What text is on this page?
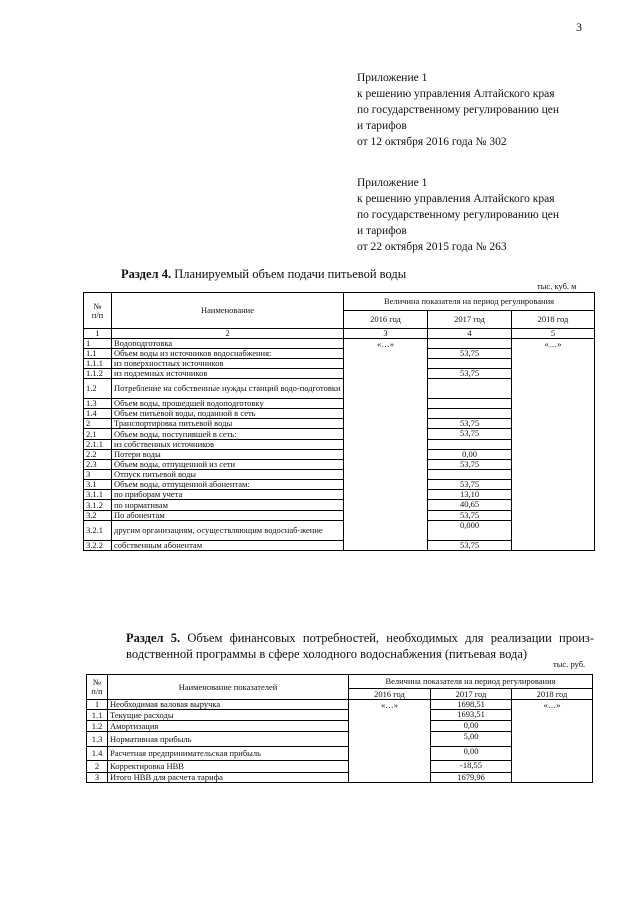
3
Приложение 1
к решению управления Алтайского края
по государственному регулированию цен
и тарифов
от 12 октября 2016 года № 302
Приложение 1
к решению управления Алтайского края
по государственному регулированию цен
и тарифов
от 22 октября 2015 года № 263
Раздел 4. Планируемый объем подачи питьевой воды
тыс. куб. м
№
п/п	Наименование	Величина показателя на период регулирования		
		2016 год	2017 год	2018 год
1	2	3	4	5
1	Водоподготовка	«…»		«…»
1.1	Объем воды из источников водоснабжения:		53,75	
1.1.1	из поверхностных источников			
1.1.2	из подземных источников		53,75	
1.2	Потребление на собственные нужды станций водо-подготовки			
1.3	Объем воды, прошедшей водоподготовку			
1.4	Объем питьевой воды, поданной в сеть			
2	Транспортировка питьевой воды		53,75	
2.1	Объем воды, поступившей в сеть:		53,75	
2.1.1	из собственных источников			
2.2	Потери воды		0,00	
2.3	Объем воды, отпущенной из сети		53,75	
3	Отпуск питьевой воды			
3.1	Объем воды, отпущенной абонентам:		53,75	
3.1.1	по приборам учета		13,10	
3.1.2	по нормативам		40,65	
3.2	По абонентам		53,75	
3.2.1	другим организациям, осуществляющим водоснаб-жение		0,000	
3.2.2	собственным абонентам		53,75	
Раздел 5. Объем финансовых потребностей, необходимых для реализации произ-водственной программы в сфере холодного водоснабжения (питьевая вода)
тыс. руб.
№
п/п	Наименование показателей	Величина показателя на период регулирования		
		2016 год	2017 год	2018 год
1	Необходимая валовая выручка	«…»	1698,51	«…»
1.1	Текущие расходы		1693,51	
1.2	Амортизация		0,00	
1.3	Нормативная прибыль		5,00	
1.4	Расчетная предпринимательская прибыль		0,00	
2	Корректировка НВВ		-18,55	
3	Итого НВВ для расчета тарифа		1679,96	
